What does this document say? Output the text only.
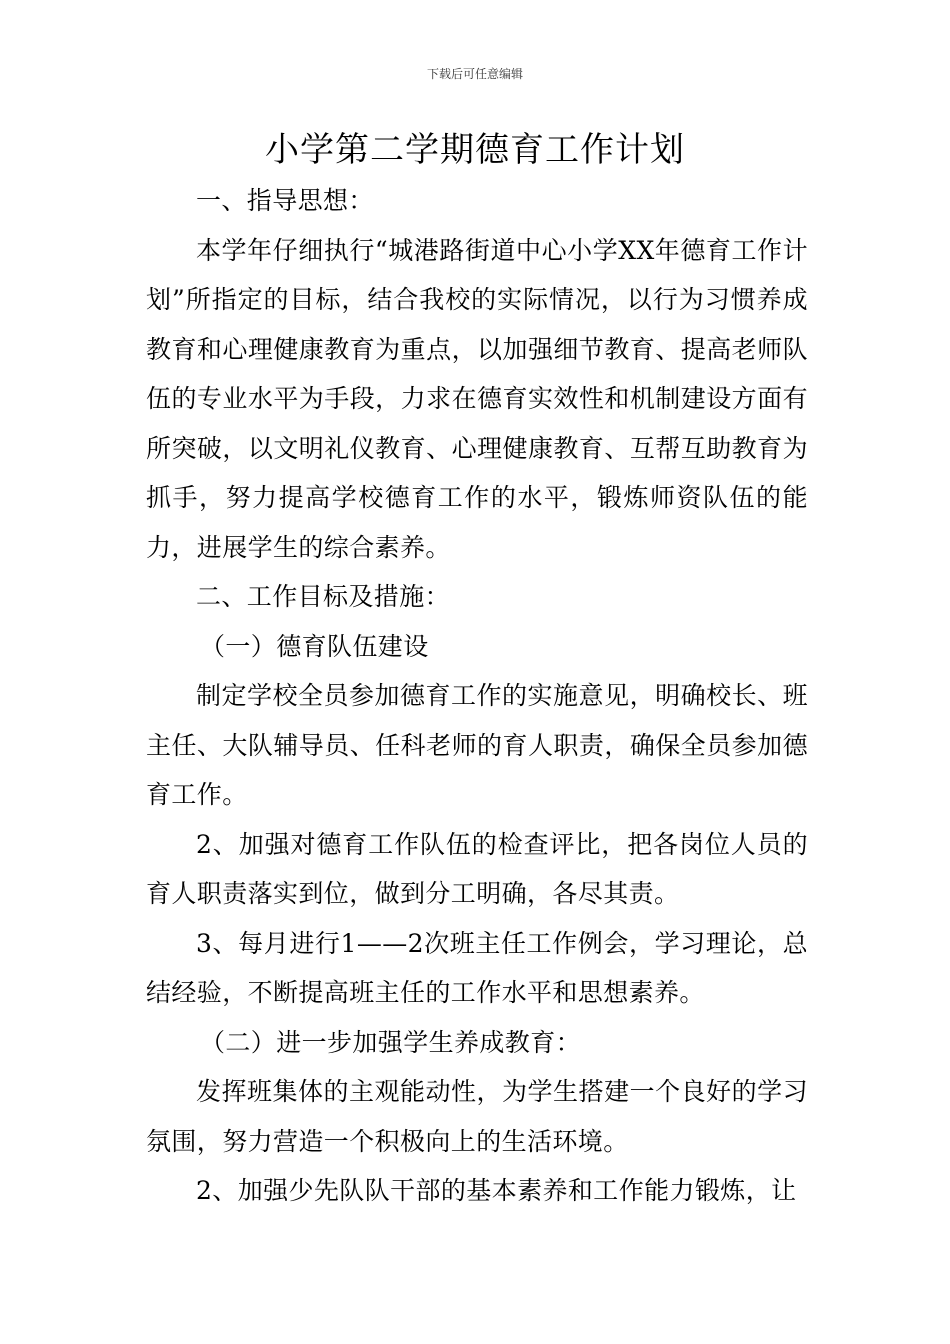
下载后可任意编辑
小学第二学期德育工作计划

一、指导思想：

本学年仔细执行“城港路街道中心小学XX年德育工作计划”所指定的目标，结合我校的实际情况，以行为习惯养成教育和心理健康教育为重点，以加强细节教育、提高老师队伍的专业水平为手段，力求在德育实效性和机制建设方面有所突破，以文明礼仪教育、心理健康教育、互帮互助教育为抓手，努力提高学校德育工作的水平，锻炼师资队伍的能力，进展学生的综合素养。

二、工作目标及措施：

（一）德育队伍建设

制定学校全员参加德育工作的实施意见，明确校长、班主任、大队辅导员、任科老师的育人职责，确保全员参加德育工作。

2、加强对德育工作队伍的检查评比，把各岗位人员的育人职责落实到位，做到分工明确，各尽其责。

3、每月进行1——2次班主任工作例会，学习理论，总结经验，不断提高班主任的工作水平和思想素养。

（二）进一步加强学生养成教育：

发挥班集体的主观能动性，为学生搭建一个良好的学习氛围，努力营造一个积极向上的生活环境。

2、加强少先队队干部的基本素养和工作能力锻炼，让
